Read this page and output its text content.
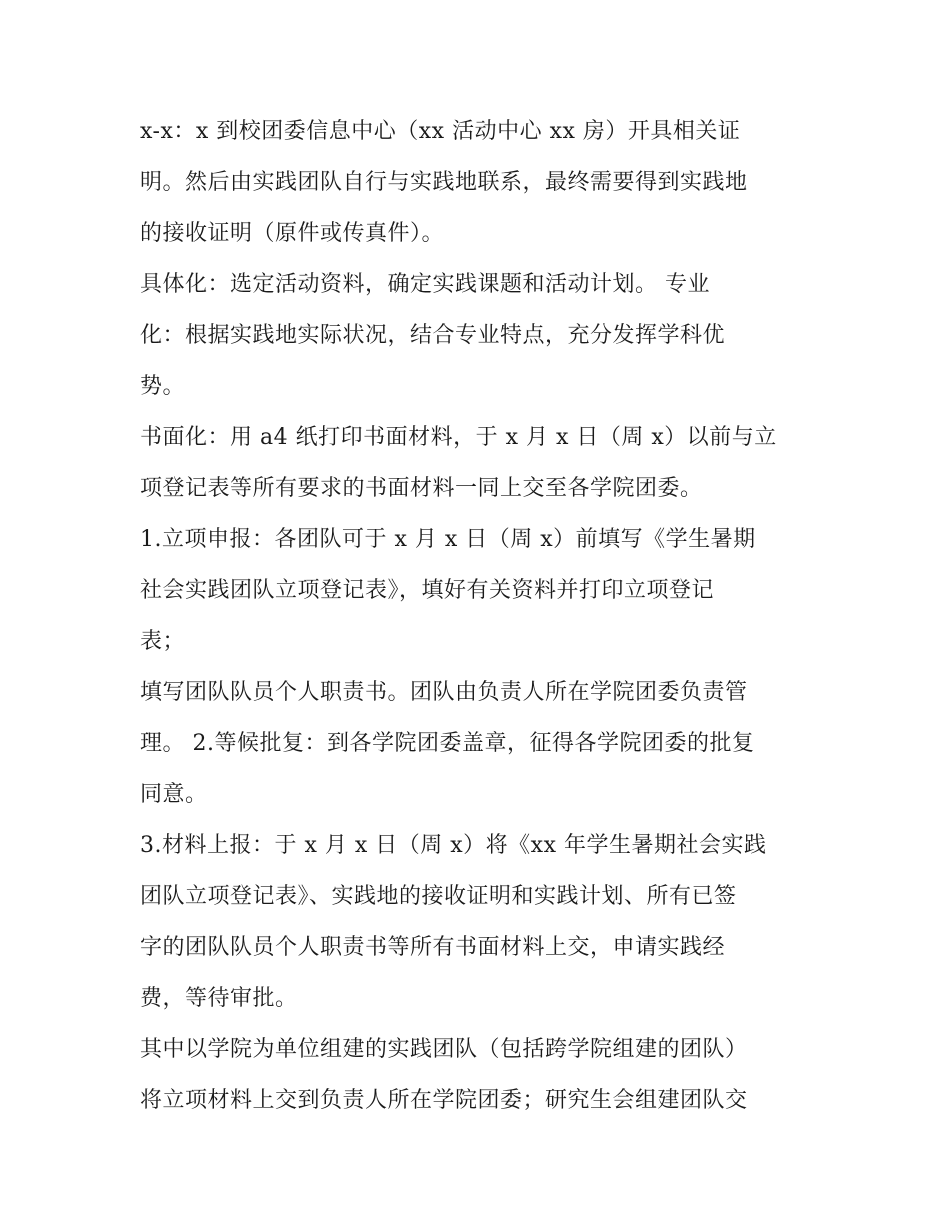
x-x：x 到校团委信息中心（xx 活动中心 xx 房）开具相关证
明。然后由实践团队自行与实践地联系，最终需要得到实践地
的接收证明（原件或传真件）。
具体化：选定活动资料，确定实践课题和活动计划。 专业
化：根据实践地实际状况，结合专业特点，充分发挥学科优
势。
书面化：用 a4 纸打印书面材料，于 x 月 x 日（周 x）以前与立
项登记表等所有要求的书面材料一同上交至各学院团委。
1.立项申报：各团队可于 x 月 x 日（周 x）前填写《学生暑期
社会实践团队立项登记表》，填好有关资料并打印立项登记
表；
填写团队队员个人职责书。团队由负责人所在学院团委负责管
理。 2.等候批复：到各学院团委盖章，征得各学院团委的批复
同意。
3.材料上报：于 x 月 x 日（周 x）将《xx 年学生暑期社会实践
团队立项登记表》、实践地的接收证明和实践计划、所有已签
字的团队队员个人职责书等所有书面材料上交，申请实践经
费，等待审批。
其中以学院为单位组建的实践团队（包括跨学院组建的团队）
将立项材料上交到负责人所在学院团委；研究生会组建团队交
